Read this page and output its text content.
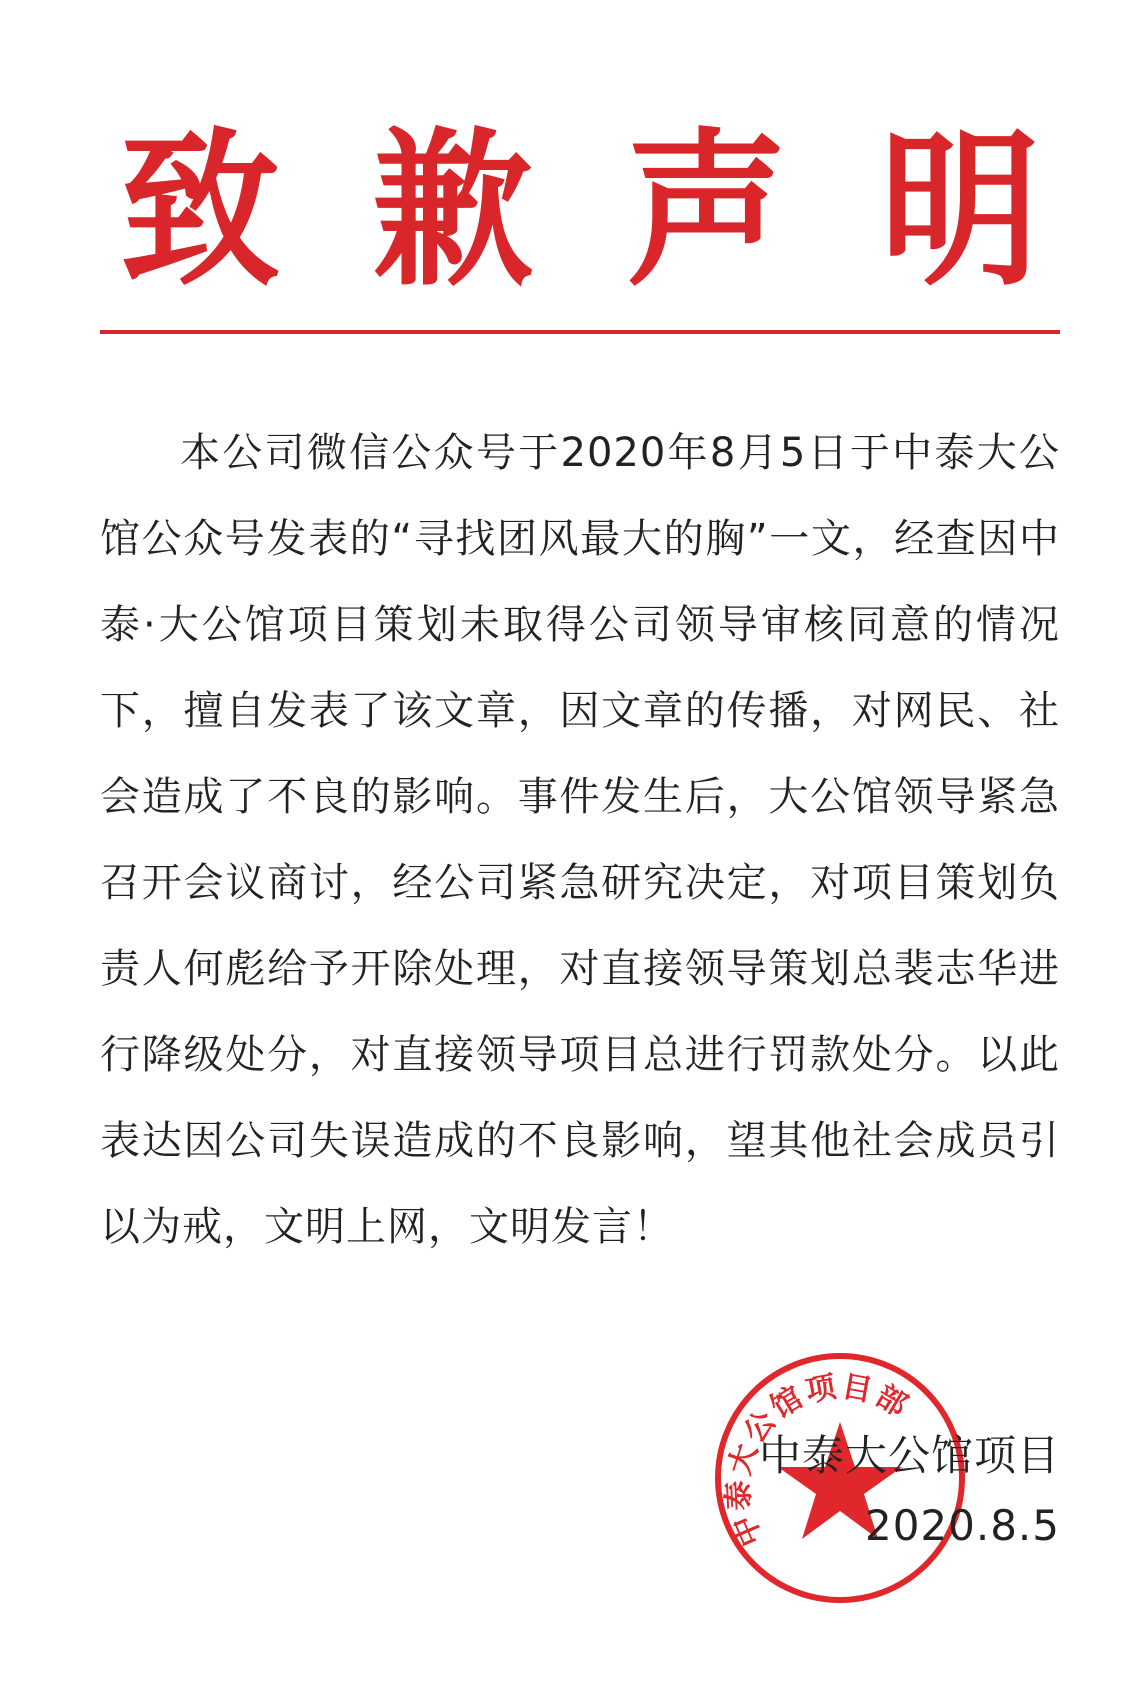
致 歉 声 明
本公司微信公众号于2020年8月5日于中泰大公馆公众号发表的“寻找团风最大的胸”一文，经查因中泰·大公馆项目策划未取得公司领导审核同意的情况下，擅自发表了该文章，因文章的传播，对网民、社会造成了不良的影响。事件发生后，大公馆领导紧急召开会议商讨，经公司紧急研究决定，对项目策划负责人何彪给予开除处理，对直接领导策划总裴志华进行降级处分，对直接领导项目总进行罚款处分。以此表达因公司失误造成的不良影响，望其他社会成员引以为戒，文明上网，文明发言！
中泰大公馆项目部
中泰大公馆项目
2020.8.5
